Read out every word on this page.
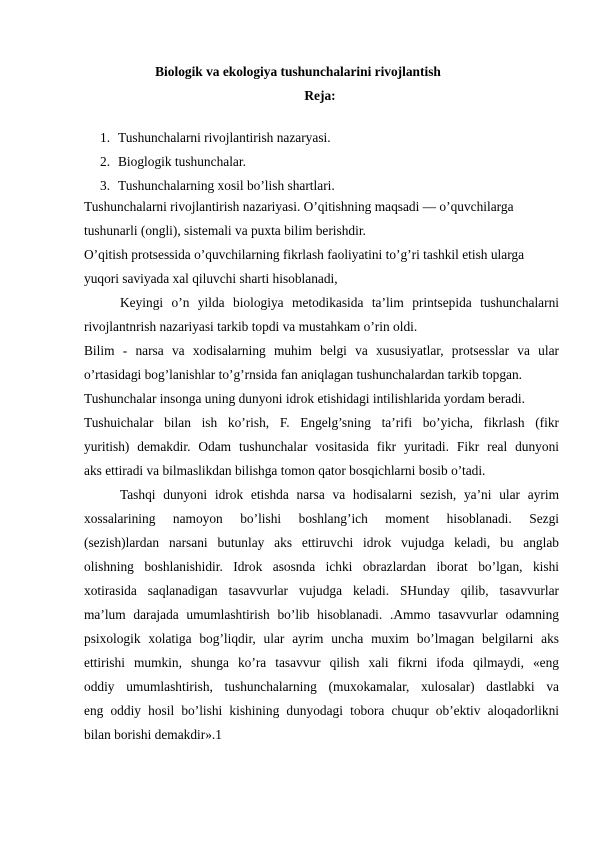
Biologik va ekologiya tushunchalarini rivojlantish
Reja:
1. Tushunchalarni rivojlantirish nazaryasi.
2. Bioglogik tushunchalar.
3. Tushunchalarning xosil bo’lish shartlari.
Tushunchalarni rivojlantirish nazariyasi. O’qitishning maqsadi — o’quvchilarga
tushunarli (ongli), sistemali va puxta bilim berishdir.
O’qitish protsessida o’quvchilarning fikrlash faoliyatini to’g’ri tashkil etish ularga
yuqori saviyada xal qiluvchi sharti hisoblanadi,
Keyingi o’n yilda biologiya metodikasida ta’lim printsepida tushunchalarni
rivojlantnrish nazariyasi tarkib topdi va mustahkam o’rin oldi.
Bilim - narsa va xodisalarning muhim belgi va xususiyatlar, protsesslar va ular
o’rtasidagi bog’lanishlar to’g’rnsida fan aniqlagan tushunchalardan tarkib topgan.
Tushunchalar insonga uning dunyoni idrok etishidagi intilishlarida yordam beradi.
Tushuichalar bilan ish ko’rish, F. Engelg’sning ta’rifi bo’yicha, fikrlash (fikr
yuritish) demakdir. Odam tushunchalar vositasida fikr yuritadi. Fikr real dunyoni
aks ettiradi va bilmaslikdan bilishga tomon qator bosqichlarni bosib o’tadi.
Tashqi dunyoni idrok etishda narsa va hodisalarni sezish, ya’ni ular ayrim
xossalarining namoyon bo’lishi boshlang’ich moment hisoblanadi. Sezgi
(sezish)lardan narsani butunlay aks ettiruvchi idrok vujudga keladi, bu anglab
olishning boshlanishidir. Idrok asosnda ichki obrazlardan iborat bo’lgan, kishi
xotirasida saqlanadigan tasavvurlar vujudga keladi. SHunday qilib, tasavvurlar
ma’lum darajada umumlashtirish bo’lib hisoblanadi. .Ammo tasavvurlar odamning
psixologik xolatiga bog’liqdir, ular ayrim uncha muxim bo’lmagan belgilarni aks
ettirishi mumkin, shunga ko’ra tasavvur qilish xali fikrni ifoda qilmaydi, «eng
oddiy umumlashtirish, tushunchalarning (muxokamalar, xulosalar) dastlabki va
eng oddiy hosil bo’lishi kishining dunyodagi tobora chuqur ob’ektiv aloqadorlikni
bilan borishi demakdir».1
